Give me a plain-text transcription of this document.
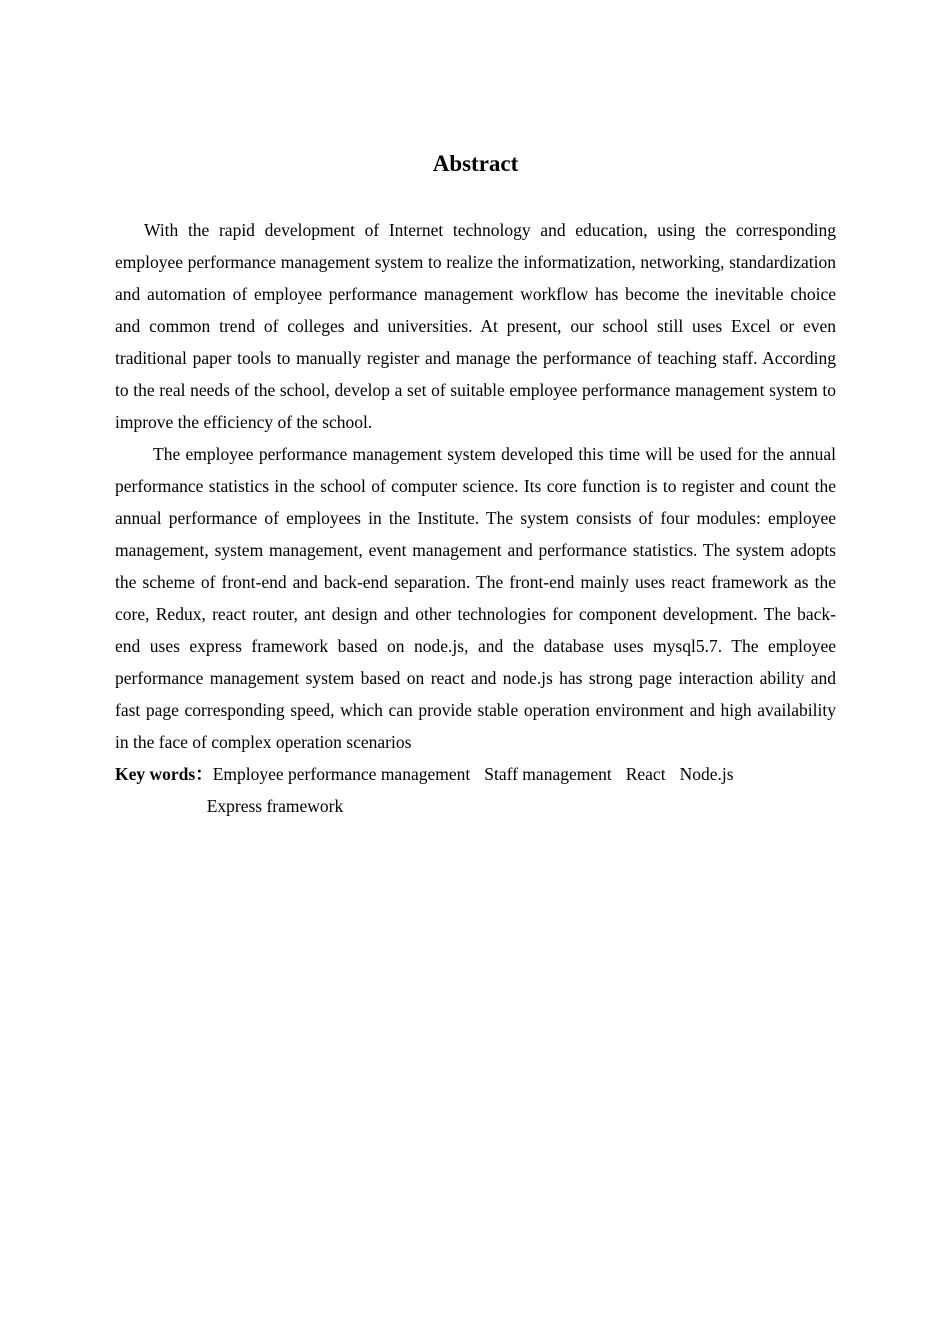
Abstract

With the rapid development of Internet technology and education, using the corresponding employee performance management system to realize the informatization, networking, standardization and automation of employee performance management workflow has become the inevitable choice and common trend of colleges and universities. At present, our school still uses Excel or even traditional paper tools to manually register and manage the performance of teaching staff. According to the real needs of the school, develop a set of suitable employee performance management system to improve the efficiency of the school.

The employee performance management system developed this time will be used for the annual performance statistics in the school of computer science. Its core function is to register and count the annual performance of employees in the Institute. The system consists of four modules: employee management, system management, event management and performance statistics. The system adopts the scheme of front-end and back-end separation. The front-end mainly uses react framework as the core, Redux, react router, ant design and other technologies for component development. The back-end uses express framework based on node.js, and the database uses mysql5.7. The employee performance management system based on react and node.js has strong page interaction ability and fast page corresponding speed, which can provide stable operation environment and high availability in the face of complex operation scenarios

Key words： Employee performance management Staff management React Node.js
Express framework
